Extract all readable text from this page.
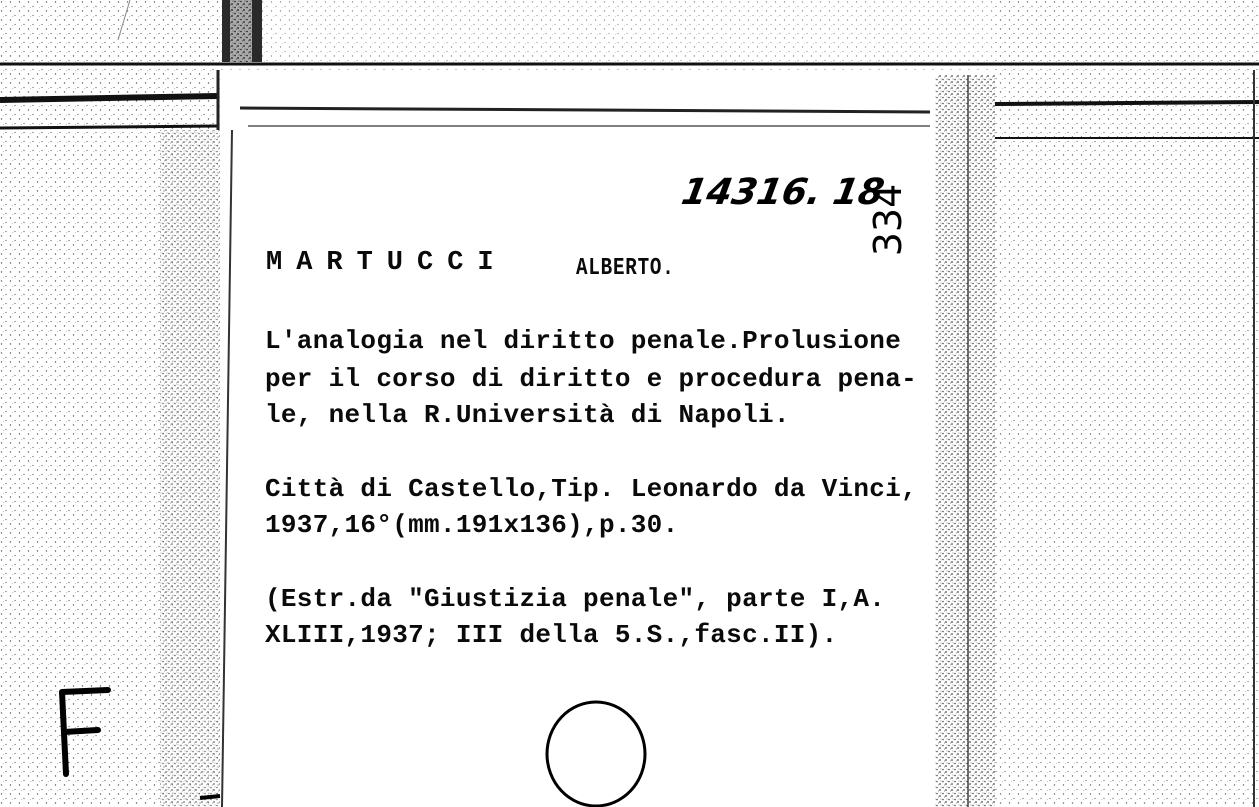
14316. 18
334
MARTUCCI	ALBERTO.
L'analogia nel diritto penale.Prolusione
per il corso di diritto e procedura pena-
le, nella R.Università di Napoli.
Città di Castello,Tip. Leonardo da Vinci,
1937,16°(mm.191x136),p.30.
(Estr.da "Giustizia penale", parte I,A.
XLIII,1937; III della 5.S.,fasc.II).
